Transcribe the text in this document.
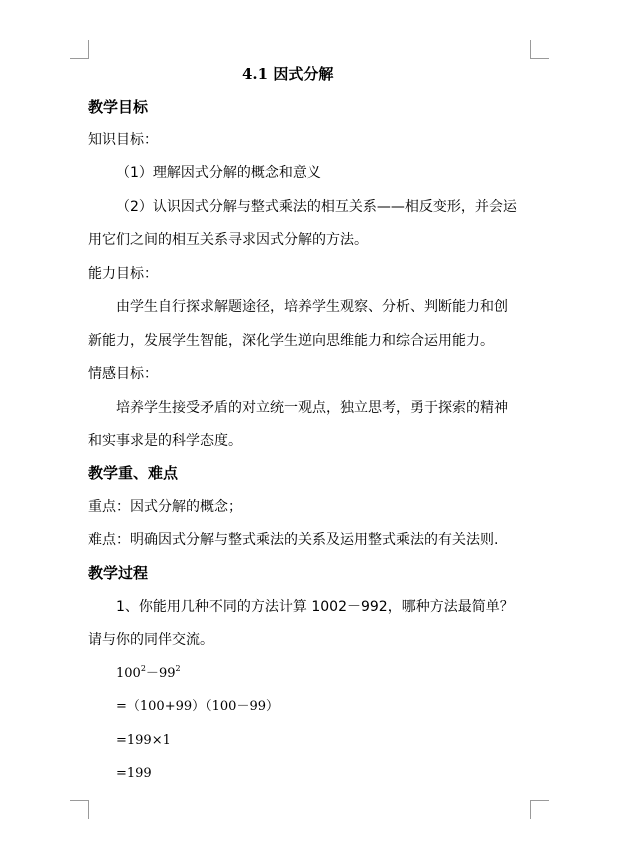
4.1 因式分解
教学目标
知识目标：
（1）理解因式分解的概念和意义
（2）认识因式分解与整式乘法的相互关系——相反变形，并会运
用它们之间的相互关系寻求因式分解的方法。
能力目标：
由学生自行探求解题途径，培养学生观察、分析、判断能力和创
新能力，发展学生智能，深化学生逆向思维能力和综合运用能力。
情感目标：
培养学生接受矛盾的对立统一观点，独立思考，勇于探索的精神
和实事求是的科学态度。
教学重、难点
重点：因式分解的概念；
难点：明确因式分解与整式乘法的关系及运用整式乘法的有关法则.
教学过程
1、你能用几种不同的方法计算 1002－992，哪种方法最简单？
请与你的同伴交流。
$100^2-99^2$
=（100+99）（100－99）
=199×1
=199
